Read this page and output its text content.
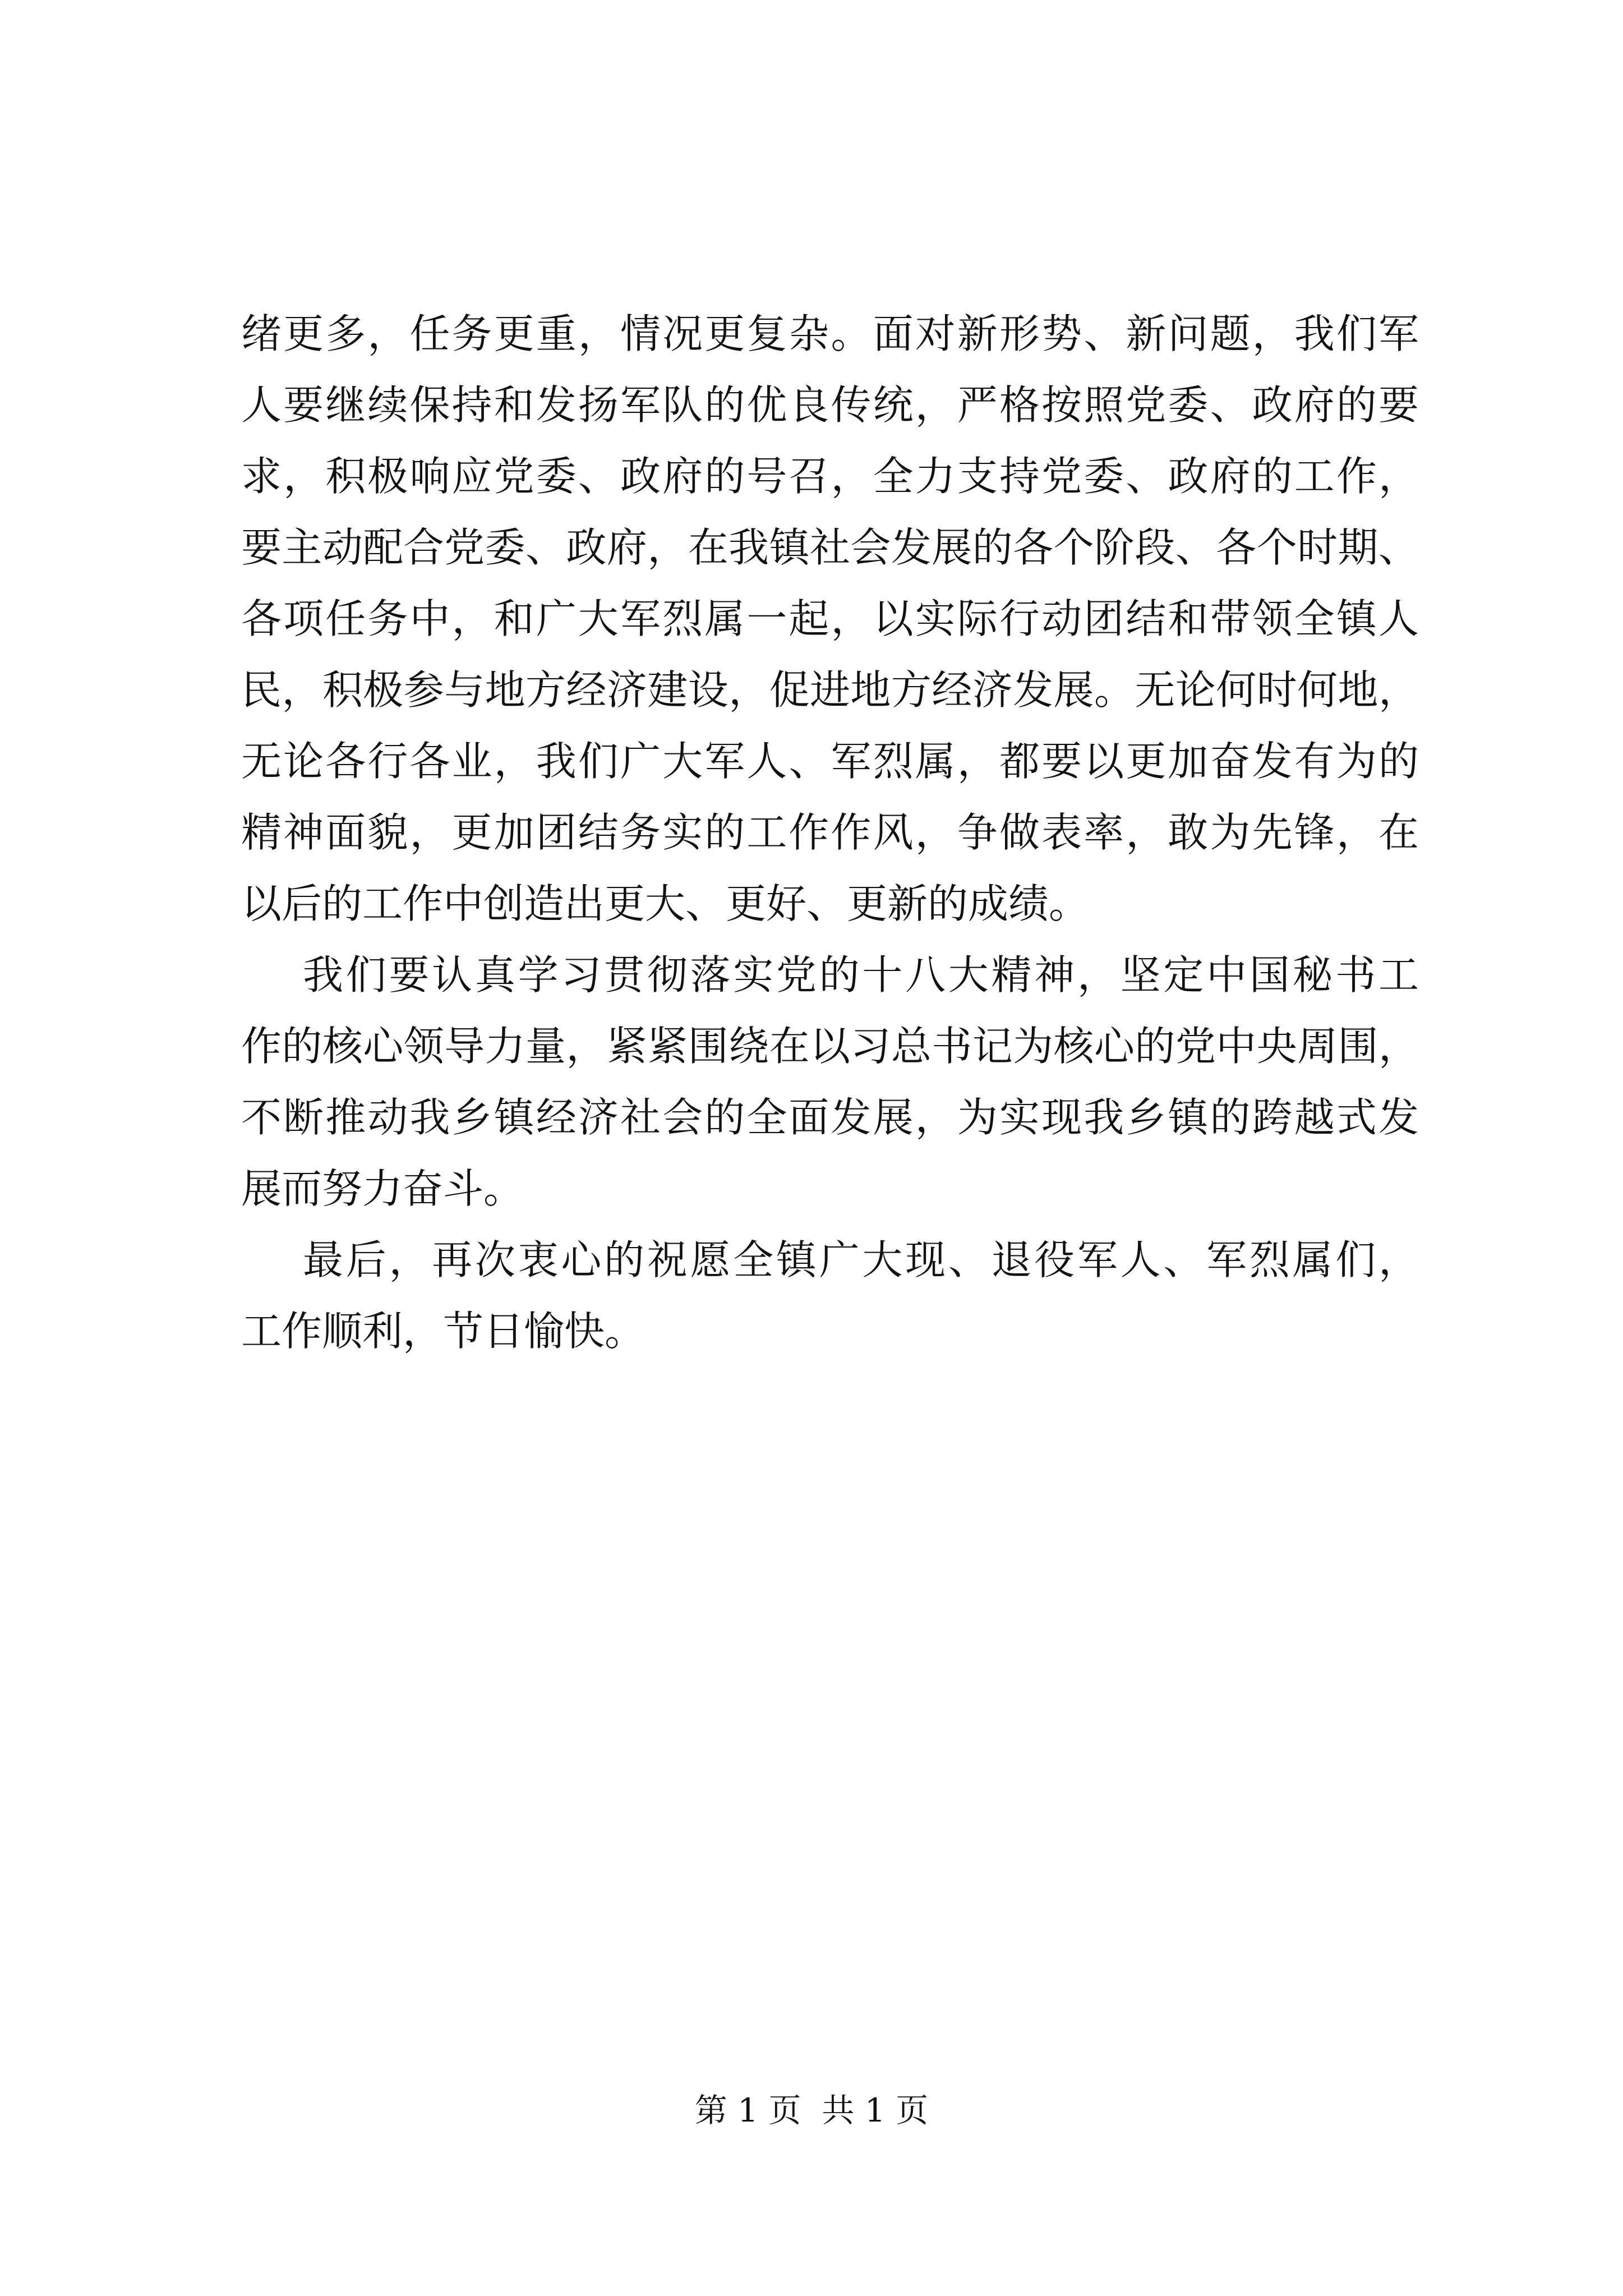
绪更多，任务更重，情况更复杂。面对新形势、新问题，我们军
人要继续保持和发扬军队的优良传统，严格按照党委、政府的要
求，积极响应党委、政府的号召，全力支持党委、政府的工作，
要主动配合党委、政府，在我镇社会发展的各个阶段、各个时期、
各项任务中，和广大军烈属一起，以实际行动团结和带领全镇人
民，积极参与地方经济建设，促进地方经济发展。无论何时何地，
无论各行各业，我们广大军人、军烈属，都要以更加奋发有为的
精神面貌，更加团结务实的工作作风，争做表率，敢为先锋，在
以后的工作中创造出更大、更好、更新的成绩。
我们要认真学习贯彻落实党的十八大精神，坚定中国秘书工
作的核心领导力量，紧紧围绕在以习总书记为核心的党中央周围，
不断推动我乡镇经济社会的全面发展，为实现我乡镇的跨越式发
展而努力奋斗。
最后，再次衷心的祝愿全镇广大现、退役军人、军烈属们，
工作顺利，节日愉快。
第 1 页  共 1 页
